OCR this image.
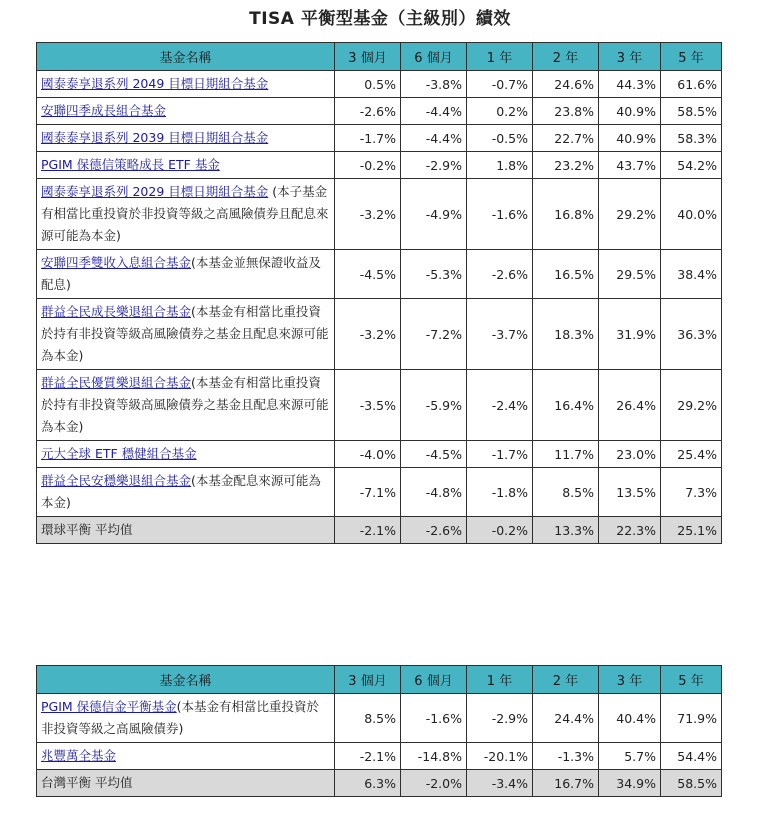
TISA 平衡型基金（主級別）績效
基金名稱	3 個月	6 個月	1 年	2 年	3 年	5 年
國泰泰享退系列 2049 目標日期組合基金	0.5%	-3.8%	-0.7%	24.6%	44.3%	61.6%
安聯四季成長組合基金	-2.6%	-4.4%	0.2%	23.8%	40.9%	58.5%
國泰泰享退系列 2039 目標日期組合基金	-1.7%	-4.4%	-0.5%	22.7%	40.9%	58.3%
PGIM 保德信策略成長 ETF 基金	-0.2%	-2.9%	1.8%	23.2%	43.7%	54.2%
國泰泰享退系列 2029 目標日期組合基金 (本子基金有相當比重投資於非投資等級之高風險債券且配息來源可能為本金)	-3.2%	-4.9%	-1.6%	16.8%	29.2%	40.0%
安聯四季雙收入息組合基金(本基金並無保證收益及配息)	-4.5%	-5.3%	-2.6%	16.5%	29.5%	38.4%
群益全民成長樂退組合基金(本基金有相當比重投資於持有非投資等級高風險債券之基金且配息來源可能為本金)	-3.2%	-7.2%	-3.7%	18.3%	31.9%	36.3%
群益全民優質樂退組合基金(本基金有相當比重投資於持有非投資等級高風險債券之基金且配息來源可能為本金)	-3.5%	-5.9%	-2.4%	16.4%	26.4%	29.2%
元大全球 ETF 穩健組合基金	-4.0%	-4.5%	-1.7%	11.7%	23.0%	25.4%
群益全民安穩樂退組合基金(本基金配息來源可能為本金)	-7.1%	-4.8%	-1.8%	8.5%	13.5%	7.3%
環球平衡 平均值	-2.1%	-2.6%	-0.2%	13.3%	22.3%	25.1%
基金名稱	3 個月	6 個月	1 年	2 年	3 年	5 年
PGIM 保德信金平衡基金(本基金有相當比重投資於非投資等級之高風險債券)	8.5%	-1.6%	-2.9%	24.4%	40.4%	71.9%
兆豐萬全基金	-2.1%	-14.8%	-20.1%	-1.3%	5.7%	54.4%
台灣平衡 平均值	6.3%	-2.0%	-3.4%	16.7%	34.9%	58.5%
